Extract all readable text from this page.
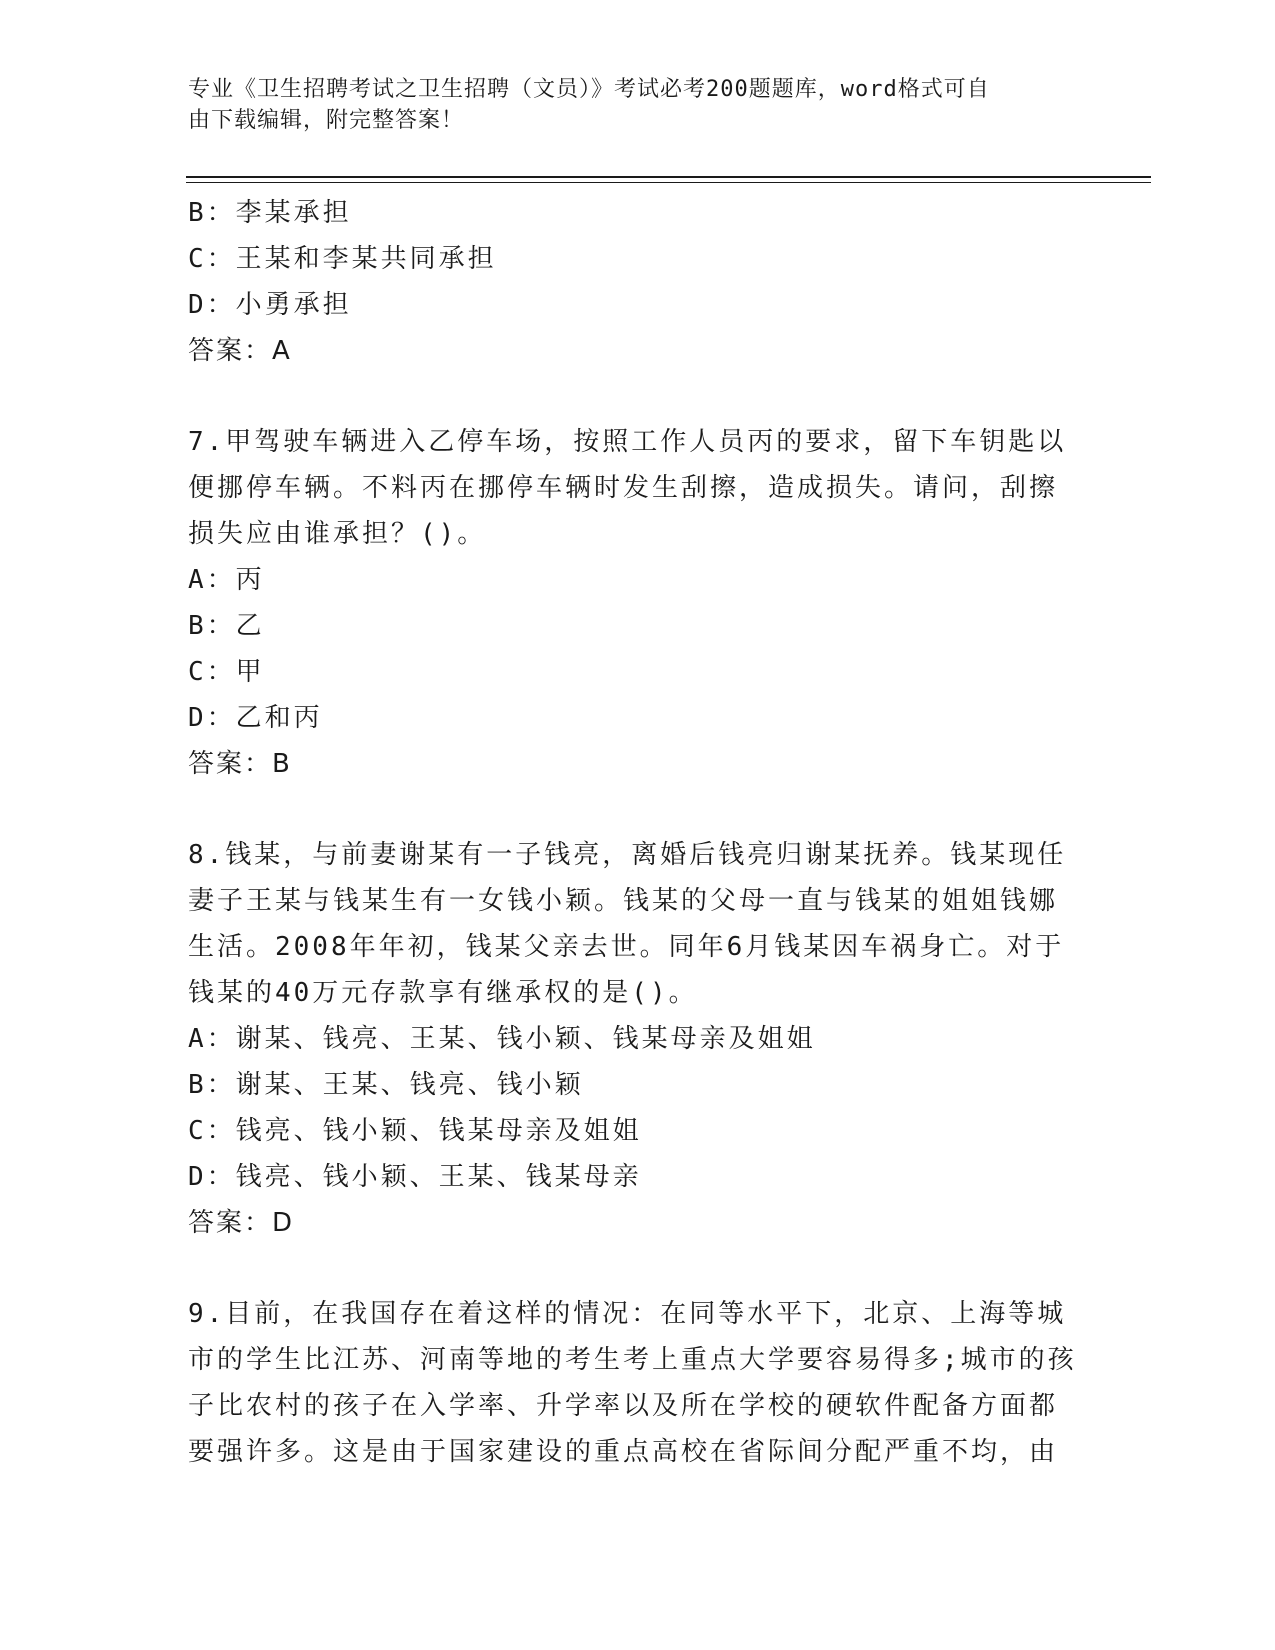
专业《卫生招聘考试之卫生招聘（文员）》考试必考200题题库，word格式可自
由下载编辑，附完整答案！
B：李某承担
C：王某和李某共同承担
D：小勇承担
答案：A
7.甲驾驶车辆进入乙停车场，按照工作人员丙的要求，留下车钥匙以
便挪停车辆。不料丙在挪停车辆时发生刮擦，造成损失。请问，刮擦
损失应由谁承担？()。
A：丙
B：乙
C：甲
D：乙和丙
答案：B
8.钱某，与前妻谢某有一子钱亮，离婚后钱亮归谢某抚养。钱某现任
妻子王某与钱某生有一女钱小颖。钱某的父母一直与钱某的姐姐钱娜
生活。2008年年初，钱某父亲去世。同年6月钱某因车祸身亡。对于
钱某的40万元存款享有继承权的是()。
A：谢某、钱亮、王某、钱小颖、钱某母亲及姐姐
B：谢某、王某、钱亮、钱小颖
C：钱亮、钱小颖、钱某母亲及姐姐
D：钱亮、钱小颖、王某、钱某母亲
答案：D
9.目前，在我国存在着这样的情况：在同等水平下，北京、上海等城
市的学生比江苏、河南等地的考生考上重点大学要容易得多;城市的孩
子比农村的孩子在入学率、升学率以及所在学校的硬软件配备方面都
要强许多。这是由于国家建设的重点高校在省际间分配严重不均，由
